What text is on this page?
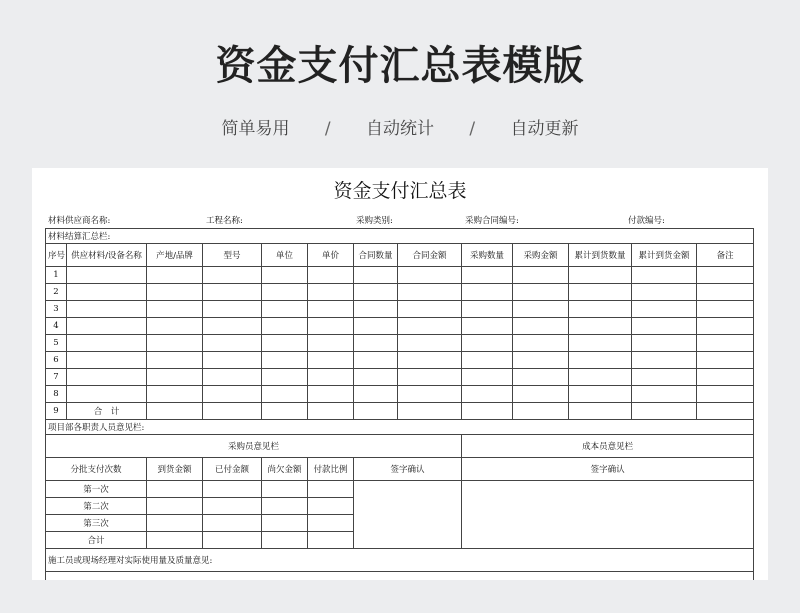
资金支付汇总表模版
简单易用 / 自动统计 / 自动更新
资金支付汇总表
材料供应商名称:	工程名称:	采购类别:	采购合同编号:	付款编号:
材料结算汇总栏:												
序号	供应材料/设备名称	产地/品牌	型号	单位	单价	合同数量	合同金额	采购数量	采购金额	累计到货数量	累计到货金额	备注
1												
2												
3												
4												
5												
6												
7												
8												
9	合　计											
项目部各职责人员意见栏:												
采购员意见栏								成本员意见栏				
分批支付次数		到货金额	已付金额	尚欠金额	付款比例	签字确认		签字确认				
第一次												
第二次												
第三次												
合计												
施工员或现场经理对实际使用量及质量意见:												
